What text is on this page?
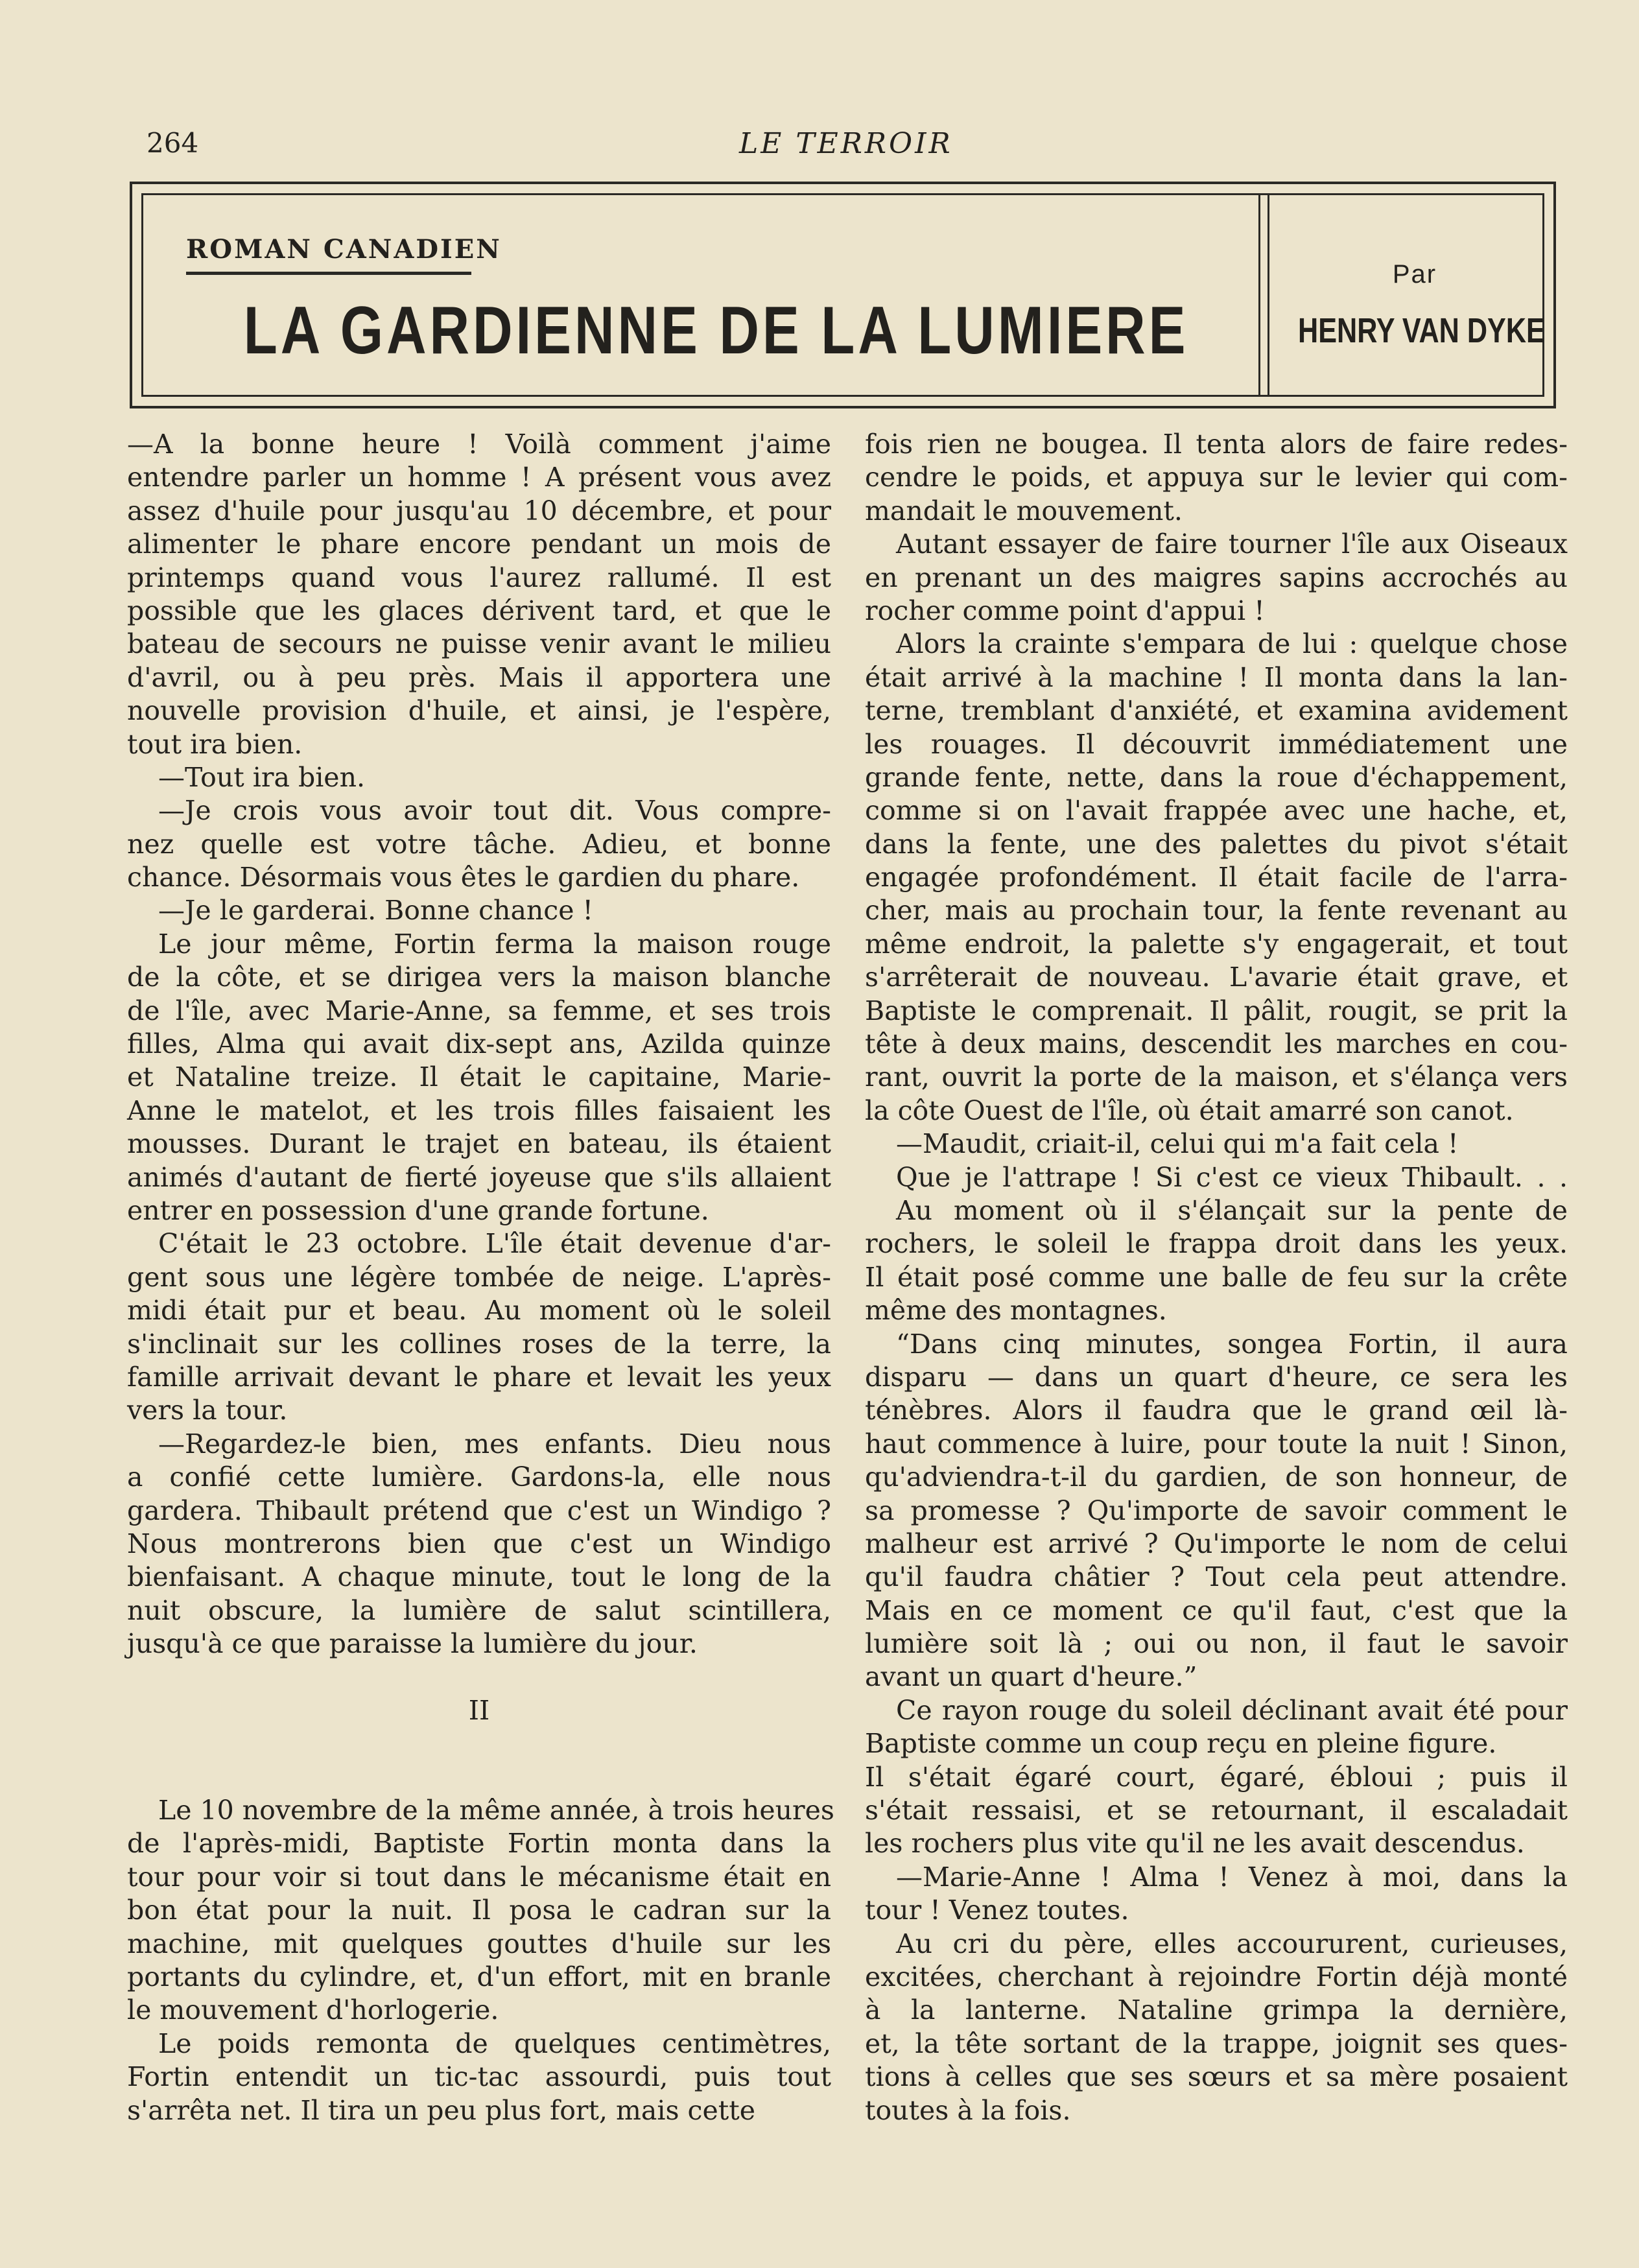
264	LE TERROIR
ROMAN CANADIEN
LA GARDIENNE DE LA LUMIERE
Par
HENRY VAN DYKE
—A la bonne heure ! Voilà comment j'aime
entendre parler un homme ! A présent vous avez
assez d'huile pour jusqu'au 10 décembre, et pour
alimenter le phare encore pendant un mois de
printemps quand vous l'aurez rallumé. Il est
possible que les glaces dérivent tard, et que le
bateau de secours ne puisse venir avant le milieu
d'avril, ou à peu près. Mais il apportera une
nouvelle provision d'huile, et ainsi, je l'espère,
tout ira bien.
—Tout ira bien.
—Je crois vous avoir tout dit. Vous compre-
nez quelle est votre tâche. Adieu, et bonne
chance. Désormais vous êtes le gardien du phare.
—Je le garderai. Bonne chance !
Le jour même, Fortin ferma la maison rouge
de la côte, et se dirigea vers la maison blanche
de l'île, avec Marie-Anne, sa femme, et ses trois
filles, Alma qui avait dix-sept ans, Azilda quinze
et Nataline treize. Il était le capitaine, Marie-
Anne le matelot, et les trois filles faisaient les
mousses. Durant le trajet en bateau, ils étaient
animés d'autant de fierté joyeuse que s'ils allaient
entrer en possession d'une grande fortune.
C'était le 23 octobre. L'île était devenue d'ar-
gent sous une légère tombée de neige. L'après-
midi était pur et beau. Au moment où le soleil
s'inclinait sur les collines roses de la terre, la
famille arrivait devant le phare et levait les yeux
vers la tour.
—Regardez-le bien, mes enfants. Dieu nous
a confié cette lumière. Gardons-la, elle nous
gardera. Thibault prétend que c'est un Windigo ?
Nous montrerons bien que c'est un Windigo
bienfaisant. A chaque minute, tout le long de la
nuit obscure, la lumière de salut scintillera,
jusqu'à ce que paraisse la lumière du jour.
II
Le 10 novembre de la même année, à trois heures
de l'après-midi, Baptiste Fortin monta dans la
tour pour voir si tout dans le mécanisme était en
bon état pour la nuit. Il posa le cadran sur la
machine, mit quelques gouttes d'huile sur les
portants du cylindre, et, d'un effort, mit en branle
le mouvement d'horlogerie.
Le poids remonta de quelques centimètres,
Fortin entendit un tic-tac assourdi, puis tout
s'arrêta net. Il tira un peu plus fort, mais cette
fois rien ne bougea. Il tenta alors de faire redes-
cendre le poids, et appuya sur le levier qui com-
mandait le mouvement.
Autant essayer de faire tourner l'île aux Oiseaux
en prenant un des maigres sapins accrochés au
rocher comme point d'appui !
Alors la crainte s'empara de lui : quelque chose
était arrivé à la machine ! Il monta dans la lan-
terne, tremblant d'anxiété, et examina avidement
les rouages. Il découvrit immédiatement une
grande fente, nette, dans la roue d'échappement,
comme si on l'avait frappée avec une hache, et,
dans la fente, une des palettes du pivot s'était
engagée profondément. Il était facile de l'arra-
cher, mais au prochain tour, la fente revenant au
même endroit, la palette s'y engagerait, et tout
s'arrêterait de nouveau. L'avarie était grave, et
Baptiste le comprenait. Il pâlit, rougit, se prit la
tête à deux mains, descendit les marches en cou-
rant, ouvrit la porte de la maison, et s'élança vers
la côte Ouest de l'île, où était amarré son canot.
—Maudit, criait-il, celui qui m'a fait cela !
Que je l'attrape ! Si c'est ce vieux Thibault. . .
Au moment où il s'élançait sur la pente de
rochers, le soleil le frappa droit dans les yeux.
Il était posé comme une balle de feu sur la crête
même des montagnes.
“Dans cinq minutes, songea Fortin, il aura
disparu — dans un quart d'heure, ce sera les
ténèbres. Alors il faudra que le grand œil là-
haut commence à luire, pour toute la nuit ! Sinon,
qu'adviendra-t-il du gardien, de son honneur, de
sa promesse ? Qu'importe de savoir comment le
malheur est arrivé ? Qu'importe le nom de celui
qu'il faudra châtier ? Tout cela peut attendre.
Mais en ce moment ce qu'il faut, c'est que la
lumière soit là ; oui ou non, il faut le savoir
avant un quart d'heure.”
Ce rayon rouge du soleil déclinant avait été pour
Baptiste comme un coup reçu en pleine figure.
Il s'était égaré court, égaré, ébloui ; puis il
s'était ressaisi, et se retournant, il escaladait
les rochers plus vite qu'il ne les avait descendus.
—Marie-Anne ! Alma ! Venez à moi, dans la
tour ! Venez toutes.
Au cri du père, elles accoururent, curieuses,
excitées, cherchant à rejoindre Fortin déjà monté
à la lanterne. Nataline grimpa la dernière,
et, la tête sortant de la trappe, joignit ses ques-
tions à celles que ses sœurs et sa mère posaient
toutes à la fois.
